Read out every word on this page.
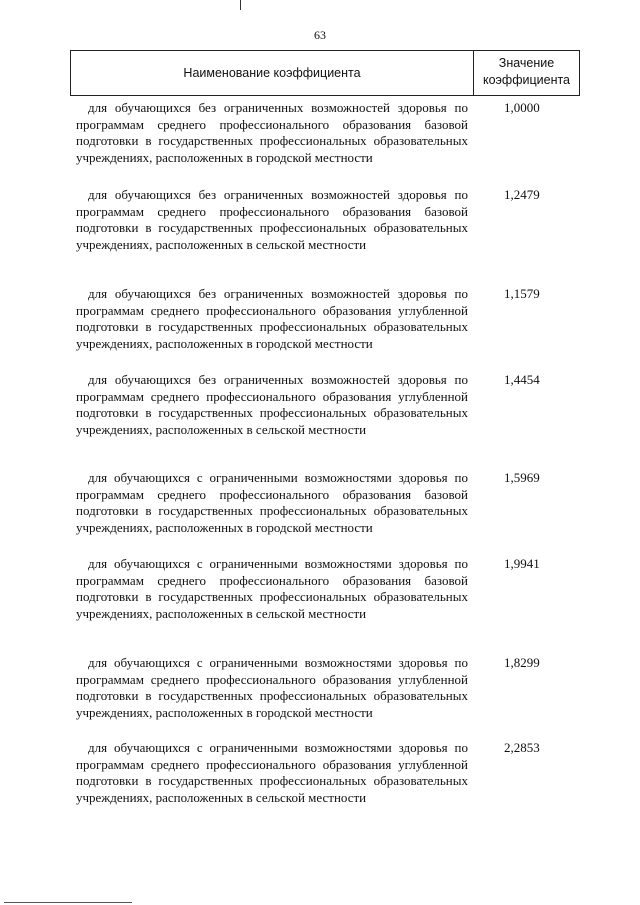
63
Наименование коэффициента
Значение
коэффициента
для обучающихся без ограниченных возможностей здоровья по программам среднего профессионального образования базовой подготовки в государственных профессиональных образовательных учреждениях, расположенных в городской местности
1,0000
для обучающихся без ограниченных возможностей здоровья по программам среднего профессионального образования базовой подготовки в государственных профессиональных образовательных учреждениях, расположенных в сельской местности
1,2479
для обучающихся без ограниченных возможностей здоровья по программам среднего профессионального образования углубленной подготовки в государственных профессиональных образовательных учреждениях, расположенных в городской местности
1,1579
для обучающихся без ограниченных возможностей здоровья по программам среднего профессионального образования углубленной подготовки в государственных профессиональных образовательных учреждениях, расположенных в сельской местности
1,4454
для обучающихся с ограниченными возможностями здоровья по программам среднего профессионального образования базовой подготовки в государственных профессиональных образовательных учреждениях, расположенных в городской местности
1,5969
для обучающихся с ограниченными возможностями здоровья по программам среднего профессионального образования базовой подготовки в государственных профессиональных образовательных учреждениях, расположенных в сельской местности
1,9941
для обучающихся с ограниченными возможностями здоровья по программам среднего профессионального образования углубленной подготовки в государственных профессиональных образовательных учреждениях, расположенных в городской местности
1,8299
для обучающихся с ограниченными возможностями здоровья по программам среднего профессионального образования углубленной подготовки в государственных профессиональных образовательных учреждениях, расположенных в сельской местности
2,2853
